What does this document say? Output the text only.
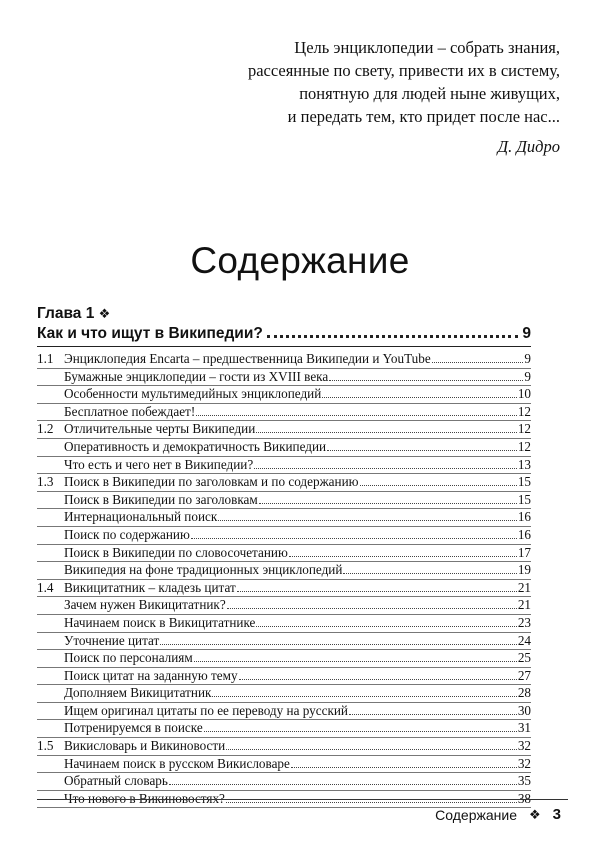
Цель энциклопедии – собрать знания,
рассеянные по свету, привести их в систему,
понятную для людей ныне живущих,
и передать тем, кто придет после нас...
Д. Дидро
Содержание
Глава 1 ❖
Как и что ищут в Википедии?	9
1.1 Энциклопедия Encarta – предшественница Википедии и YouTube	9
Бумажные энциклопедии – гости из XVIII века	9
Особенности мультимедийных энциклопедий	10
Бесплатное побеждает!	12
1.2 Отличительные черты Википедии	12
Оперативность и демократичность Википедии	12
Что есть и чего нет в Википедии?	13
1.3 Поиск в Википедии по заголовкам и по содержанию	15
Поиск в Википедии по заголовкам	15
Интернациональный поиск	16
Поиск по содержанию	16
Поиск в Википедии по словосочетанию	17
Википедия на фоне традиционных энциклопедий	19
1.4 Викицитатник – кладезь цитат	21
Зачем нужен Викицитатник?	21
Начинаем поиск в Викицитатнике	23
Уточнение цитат	24
Поиск по персоналиям	25
Поиск цитат на заданную тему	27
Дополняем Викицитатник	28
Ищем оригинал цитаты по ее переводу на русский	30
Потренируемся в поиске	31
1.5 Викисловарь и Викиновости	32
Начинаем поиск в русском Викисловаре	32
Обратный словарь	35
Что нового в Викиновостях?	38
Содержание ❖ 3
